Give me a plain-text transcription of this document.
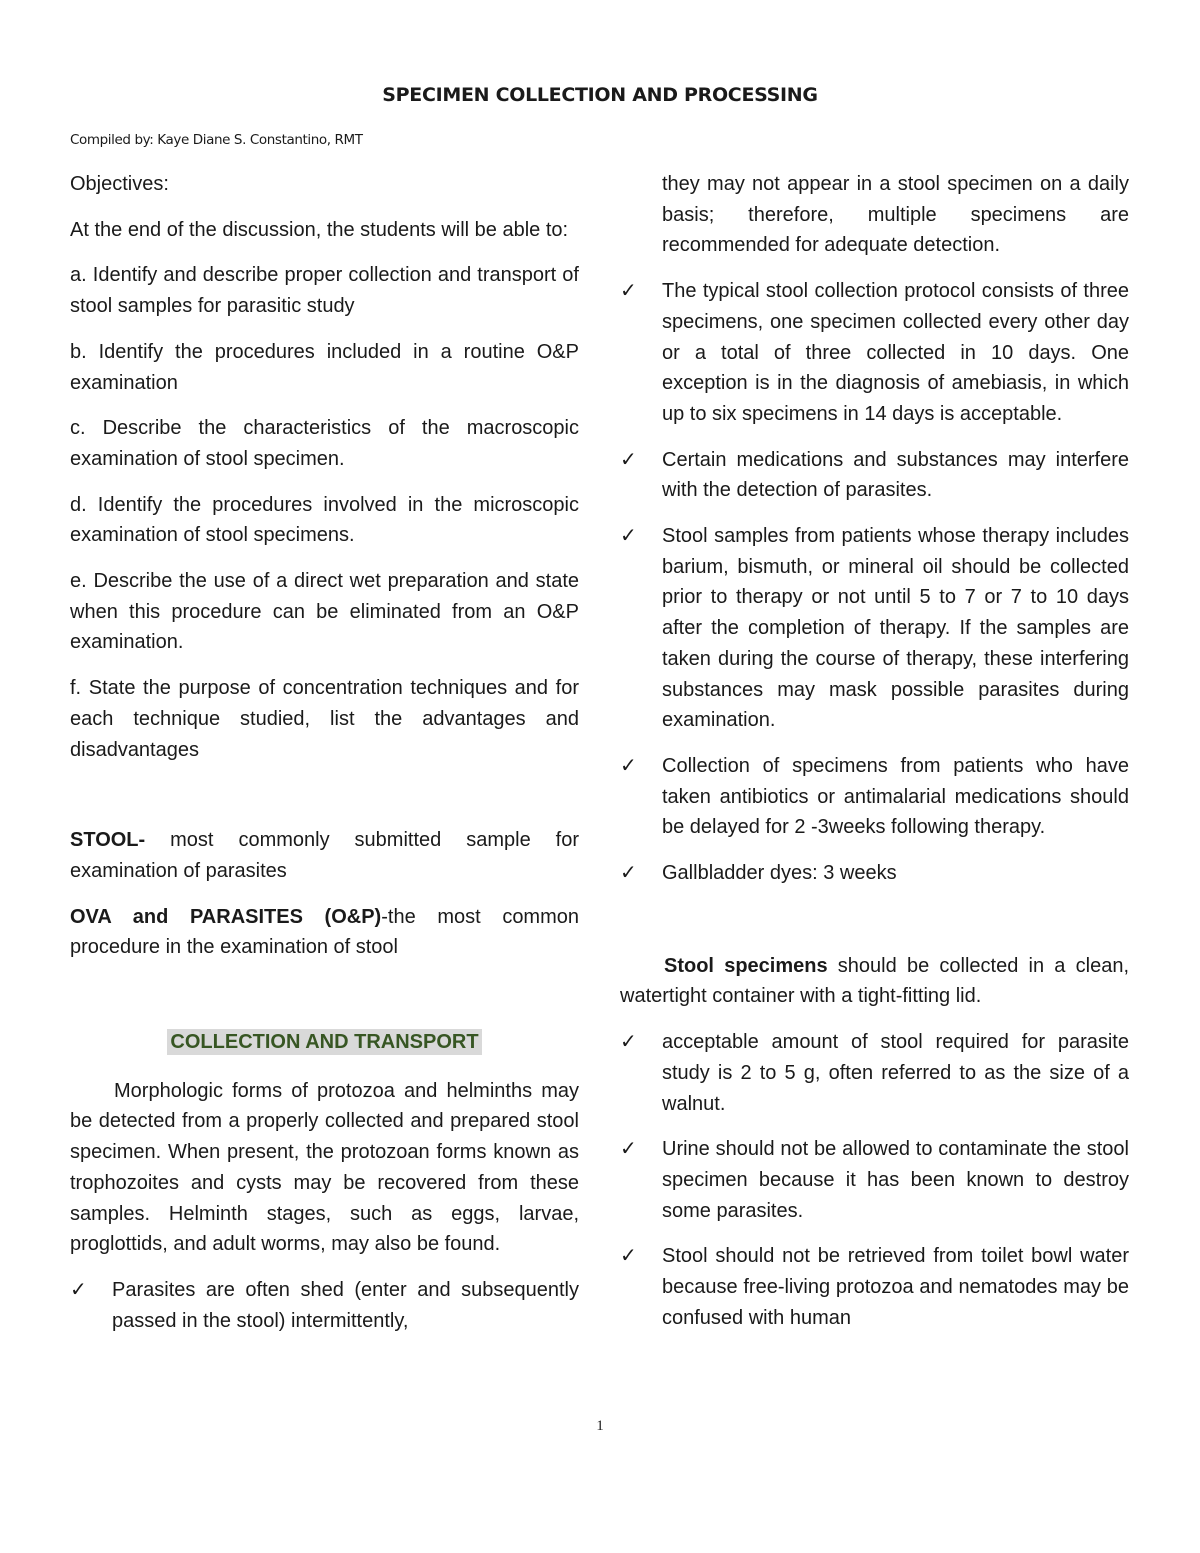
SPECIMEN COLLECTION AND PROCESSING
Compiled by: Kaye Diane S. Constantino, RMT

Objectives:

At the end of the discussion, the students will be able to:

a. Identify and describe proper collection and transport of stool samples for parasitic study

b. Identify the procedures included in a routine O&P examination

c. Describe the characteristics of the macroscopic examination of stool specimen.

d. Identify the procedures involved in the microscopic examination of stool specimens.

e. Describe the use of a direct wet preparation and state when this procedure can be eliminated from an O&P examination.

f. State the purpose of concentration techniques and for each technique studied, list the advantages and disadvantages

STOOL- most commonly submitted sample for examination of parasites

OVA and PARASITES (O&P)-the most common procedure in the examination of stool

COLLECTION AND TRANSPORT

Morphologic forms of protozoa and helminths may be detected from a properly collected and prepared stool specimen. When present, the protozoan forms known as trophozoites and cysts may be recovered from these samples. Helminth stages, such as eggs, larvae, proglottids, and adult worms, may also be found.

✓ Parasites are often shed (enter and subsequently passed in the stool) intermittently,

they may not appear in a stool specimen on a daily basis; therefore, multiple specimens are recommended for adequate detection.

✓ The typical stool collection protocol consists of three specimens, one specimen collected every other day or a total of three collected in 10 days. One exception is in the diagnosis of amebiasis, in which up to six specimens in 14 days is acceptable.

✓ Certain medications and substances may interfere with the detection of parasites.

✓ Stool samples from patients whose therapy includes barium, bismuth, or mineral oil should be collected prior to therapy or not until 5 to 7 or 7 to 10 days after the completion of therapy. If the samples are taken during the course of therapy, these interfering substances may mask possible parasites during examination.

✓ Collection of specimens from patients who have taken antibiotics or antimalarial medications should be delayed for 2 -3weeks following therapy.

✓ Gallbladder dyes: 3 weeks

Stool specimens should be collected in a clean, watertight container with a tight-fitting lid.

✓ acceptable amount of stool required for parasite study is 2 to 5 g, often referred to as the size of a walnut.

✓ Urine should not be allowed to contaminate the stool specimen because it has been known to destroy some parasites.

✓ Stool should not be retrieved from toilet bowl water because free-living protozoa and nematodes may be confused with human

1
